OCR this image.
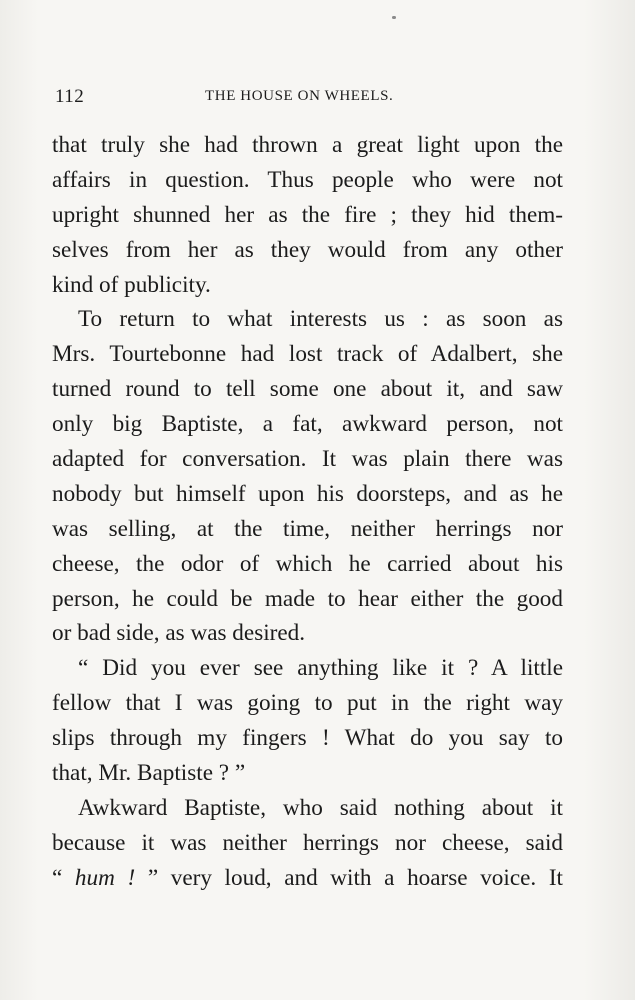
112	THE HOUSE ON WHEELS.
that truly she had thrown a great light upon the
affairs in question. Thus people who were not
upright shunned her as the fire ; they hid them-
selves from her as they would from any other
kind of publicity.
To return to what interests us : as soon as
Mrs. Tourtebonne had lost track of Adalbert, she
turned round to tell some one about it, and saw
only big Baptiste, a fat, awkward person, not
adapted for conversation. It was plain there was
nobody but himself upon his doorsteps, and as he
was selling, at the time, neither herrings nor
cheese, the odor of which he carried about his
person, he could be made to hear either the good
or bad side, as was desired.
“ Did you ever see anything like it ? A little
fellow that I was going to put in the right way
slips through my fingers ! What do you say to
that, Mr. Baptiste ? ”
Awkward Baptiste, who said nothing about it
because it was neither herrings nor cheese, said
“ hum ! ” very loud, and with a hoarse voice. It
